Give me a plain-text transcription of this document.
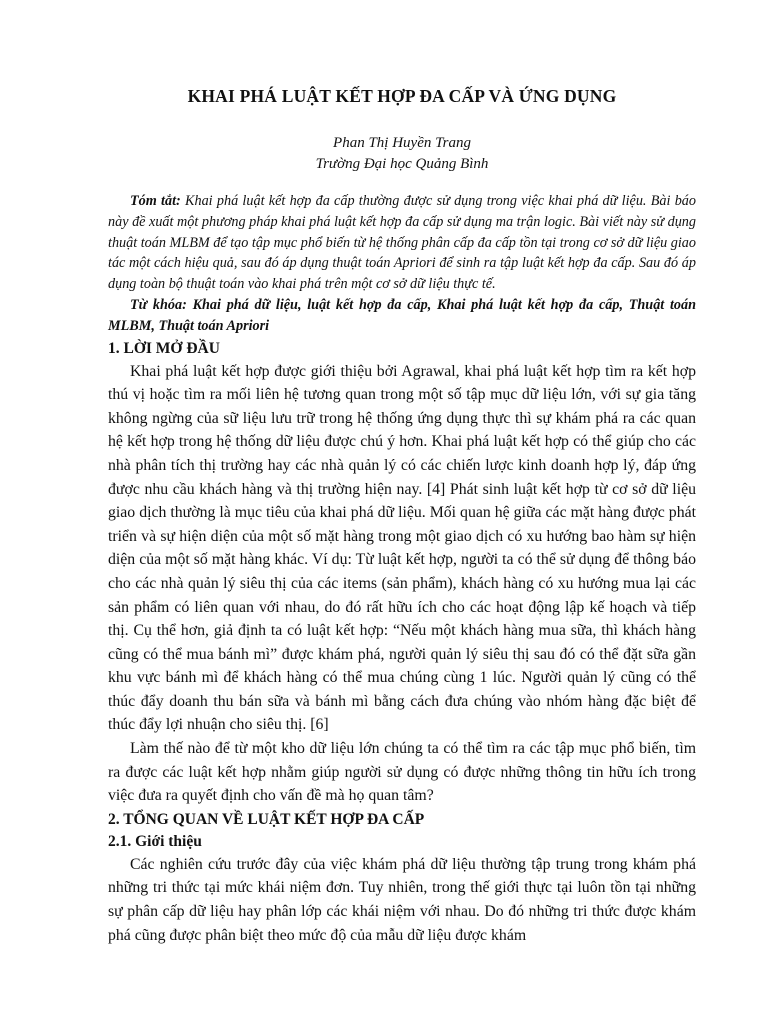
KHAI PHÁ LUẬT KẾT HỢP ĐA CẤP VÀ ỨNG DỤNG
Phan Thị Huyền Trang
Trường Đại học Quảng Bình

Tóm tắt: Khai phá luật kết hợp đa cấp thường được sử dụng trong việc khai phá dữ liệu. Bài báo này đề xuất một phương pháp khai phá luật kết hợp đa cấp sử dụng ma trận logic. Bài viết này sử dụng thuật toán MLBM để tạo tập mục phổ biến từ hệ thống phân cấp đa cấp tồn tại trong cơ sở dữ liệu giao tác một cách hiệu quả, sau đó áp dụng thuật toán Apriori để sinh ra tập luật kết hợp đa cấp. Sau đó áp dụng toàn bộ thuật toán vào khai phá trên một cơ sở dữ liệu thực tế.

Từ khóa: Khai phá dữ liệu, luật kết hợp đa cấp, Khai phá luật kết hợp đa cấp, Thuật toán MLBM, Thuật toán Apriori

1. LỜI MỞ ĐẦU

Khai phá luật kết hợp được giới thiệu bởi Agrawal, khai phá luật kết hợp tìm ra kết hợp thú vị hoặc tìm ra mối liên hệ tương quan trong một số tập mục dữ liệu lớn, với sự gia tăng không ngừng của sữ liệu lưu trữ trong hệ thống ứng dụng thực thì sự khám phá ra các quan hệ kết hợp trong hệ thống dữ liệu được chú ý hơn. Khai phá luật kết hợp có thể giúp cho các nhà phân tích thị trường hay các nhà quản lý có các chiến lược kinh doanh hợp lý, đáp ứng được nhu cầu khách hàng và thị trường hiện nay. [4] Phát sinh luật kết hợp từ cơ sở dữ liệu giao dịch thường là mục tiêu của khai phá dữ liệu. Mối quan hệ giữa các mặt hàng được phát triển và sự hiện diện của một số mặt hàng trong một giao dịch có xu hướng bao hàm sự hiện diện của một số mặt hàng khác. Ví dụ: Từ luật kết hợp, người ta có thể sử dụng để thông báo cho các nhà quản lý siêu thị của các items (sản phẩm), khách hàng có xu hướng mua lại các sản phẩm có liên quan với nhau, do đó rất hữu ích cho các hoạt động lập kế hoạch và tiếp thị. Cụ thể hơn, giả định ta có luật kết hợp: “Nếu một khách hàng mua sữa, thì khách hàng cũng có thể mua bánh mì” được khám phá, người quản lý siêu thị sau đó có thể đặt sữa gần khu vực bánh mì để khách hàng có thể mua chúng cùng 1 lúc. Người quản lý cũng có thể thúc đẩy doanh thu bán sữa và bánh mì bằng cách đưa chúng vào nhóm hàng đặc biệt để thúc đẩy lợi nhuận cho siêu thị. [6]

Làm thế nào để từ một kho dữ liệu lớn chúng ta có thể tìm ra các tập mục phổ biến, tìm ra được các luật kết hợp nhằm giúp người sử dụng có được những thông tin hữu ích trong việc đưa ra quyết định cho vấn đề mà họ quan tâm?

2. TỔNG QUAN VỀ LUẬT KẾT HỢP ĐA CẤP
2.1. Giới thiệu

Các nghiên cứu trước đây của việc khám phá dữ liệu thường tập trung trong khám phá những tri thức tại mức khái niệm đơn. Tuy nhiên, trong thế giới thực tại luôn tồn tại những sự phân cấp dữ liệu hay phân lớp các khái niệm với nhau. Do đó những tri thức được khám phá cũng được phân biệt theo mức độ của mẫu dữ liệu được khám
